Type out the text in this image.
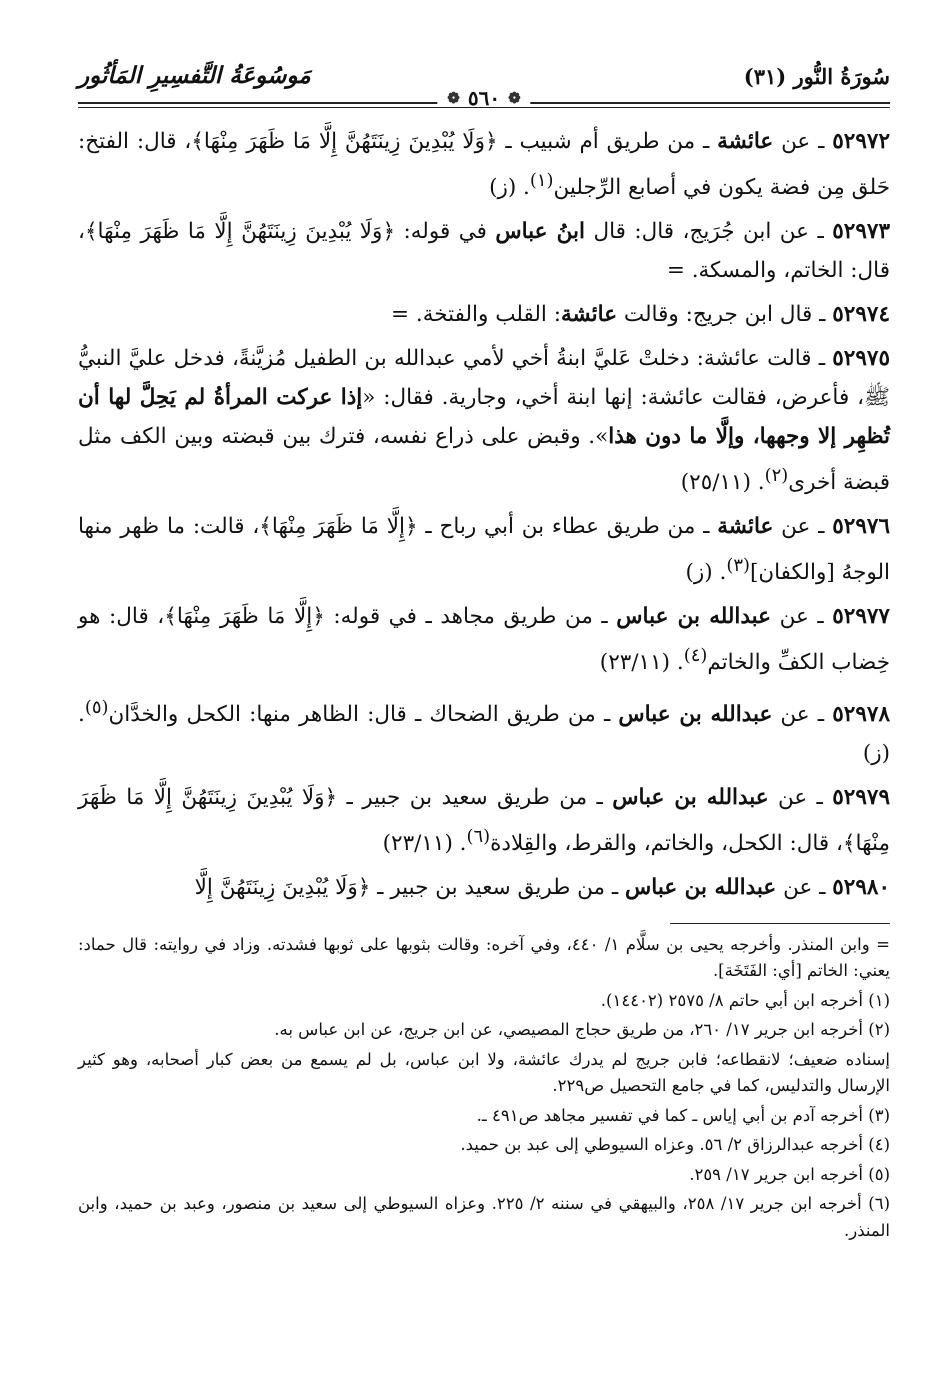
سُورَةُ النُّور (٣١)
❁
٥٦٠
❁
مَوسُوعَةُ التَّفسِيرِ المَأثُور

٥٢٩٧٢ ـ عن عائشة ـ من طريق أم شبيب ـ ﴿وَلَا يُبْدِينَ زِينَتَهُنَّ إِلَّا مَا ظَهَرَ مِنْهَا﴾، قال: الفتخ: حَلق مِن فضة يكون في أصابع الرِّجلين$^{(١)}$. (ز)

٥٢٩٧٣ ـ عن ابن جُرَيج، قال: قال ابنُ عباس في قوله: ﴿وَلَا يُبْدِينَ زِينَتَهُنَّ إِلَّا مَا ظَهَرَ مِنْهَا﴾، قال: الخاتم، والمسكة. =

٥٢٩٧٤ ـ قال ابن جريج: وقالت عائشة: القلب والفتخة. =

٥٢٩٧٥ ـ قالت عائشة: دخلتْ عَليَّ ابنةُ أخي لأمي عبدالله بن الطفيل مُزيَّنةً، فدخل عليَّ النبيُّ ﷺ، فأعرض، فقالت عائشة: إنها ابنة أخي، وجارية. فقال: «إذا عركت المرأةُ لم يَحِلَّ لها أن تُظهِر إلا وجهها، وإلَّا ما دون هذا». وقبض على ذراع نفسه، فترك بين قبضته وبين الكف مثل قبضة أخرى$^{(٢)}$. (٢٥/١١)

٥٢٩٧٦ ـ عن عائشة ـ من طريق عطاء بن أبي رباح ـ ﴿إِلَّا مَا ظَهَرَ مِنْهَا﴾، قالت: ما ظهر منها الوجهُ [والكفان]$^{(٣)}$. (ز)

٥٢٩٧٧ ـ عن عبدالله بن عباس ـ من طريق مجاهد ـ في قوله: ﴿إِلَّا مَا ظَهَرَ مِنْهَا﴾، قال: هو خِضاب الكفِّ والخاتم$^{(٤)}$. (٢٣/١١)

٥٢٩٧٨ ـ عن عبدالله بن عباس ـ من طريق الضحاك ـ قال: الظاهر منها: الكحل والخدَّان$^{(٥)}$. (ز)

٥٢٩٧٩ ـ عن عبدالله بن عباس ـ من طريق سعيد بن جبير ـ ﴿وَلَا يُبْدِينَ زِينَتَهُنَّ إِلَّا مَا ظَهَرَ مِنْهَا﴾، قال: الكحل، والخاتم، والقرط، والقِلادة$^{(٦)}$. (٢٣/١١)

٥٢٩٨٠ ـ عن عبدالله بن عباس ـ من طريق سعيد بن جبير ـ ﴿وَلَا يُبْدِينَ زِينَتَهُنَّ إِلَّا

= وابن المنذر. وأخرجه يحيى بن سلَّام ١/ ٤٤٠، وفي آخره: وقالت بثوبها على ثوبها فشدته. وزاد في روايته: قال حماد: يعني: الخاتم [أي: الفَتَخَة].

(١) أخرجه ابن أبي حاتم ٨/ ٢٥٧٥ (١٤٤٠٢).

(٢) أخرجه ابن جرير ١٧/ ٢٦٠، من طريق حجاج المصيصي، عن ابن جريج، عن ابن عباس به.

إسناده ضعيف؛ لانقطاعه؛ فابن جريج لم يدرك عائشة، ولا ابن عباس، بل لم يسمع من بعض كبار أصحابه، وهو كثير الإرسال والتدليس، كما في جامع التحصيل ص٢٢٩.

(٣) أخرجه آدم بن أبي إياس ـ كما في تفسير مجاهد ص٤٩١ ـ.

(٤) أخرجه عبدالرزاق ٢/ ٥٦. وعزاه السيوطي إلى عبد بن حميد.

(٥) أخرجه ابن جرير ١٧/ ٢٥٩.

(٦) أخرجه ابن جرير ١٧/ ٢٥٨، والبيهقي في سننه ٢/ ٢٢٥. وعزاه السيوطي إلى سعيد بن منصور، وعبد بن حميد، وابن المنذر.
